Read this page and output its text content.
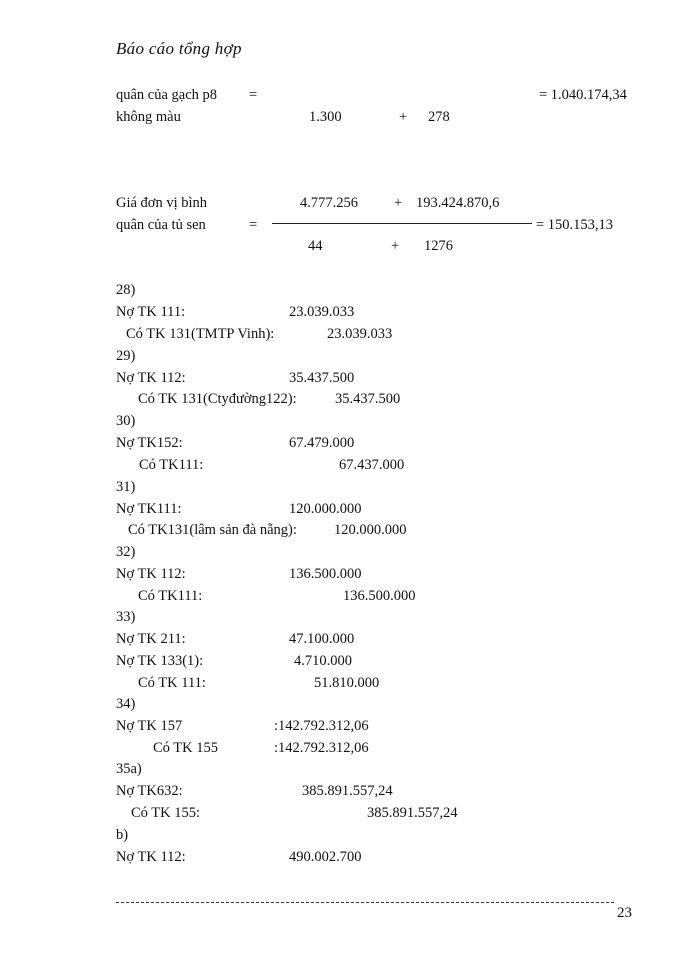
Báo cáo tổng hợp
quân của gạch p8 =	= 1.040.174,34
không màu	1.300	+ 278
Giá đơn vị bình	4.777.256 + 193.424.870,6
quân của tủ sen	=	= 150.153,13
44	+ 1276
28)
Nợ TK 111:	23.039.033
Có TK 131(TMTP Vinh):	23.039.033
29)
Nợ TK 112:	35.437.500
Có TK 131(Ctyđường122):	35.437.500
30)
Nợ TK152:	67.479.000
Có TK111:	67.437.000
31)
Nợ TK111:	120.000.000
Có TK131(lâm sản đà nẵng):	120.000.000
32)
Nợ TK 112:	136.500.000
Có TK111:	136.500.000
33)
Nợ TK 211:	47.100.000
Nợ TK 133(1):	4.710.000
Có TK 111:	51.810.000
34)
Nợ TK 157	:142.792.312,06
Có TK 155	:142.792.312,06
35a)
Nợ TK632:	385.891.557,24
Có TK 155:	385.891.557,24
b)
Nợ TK 112:	490.002.700
23
